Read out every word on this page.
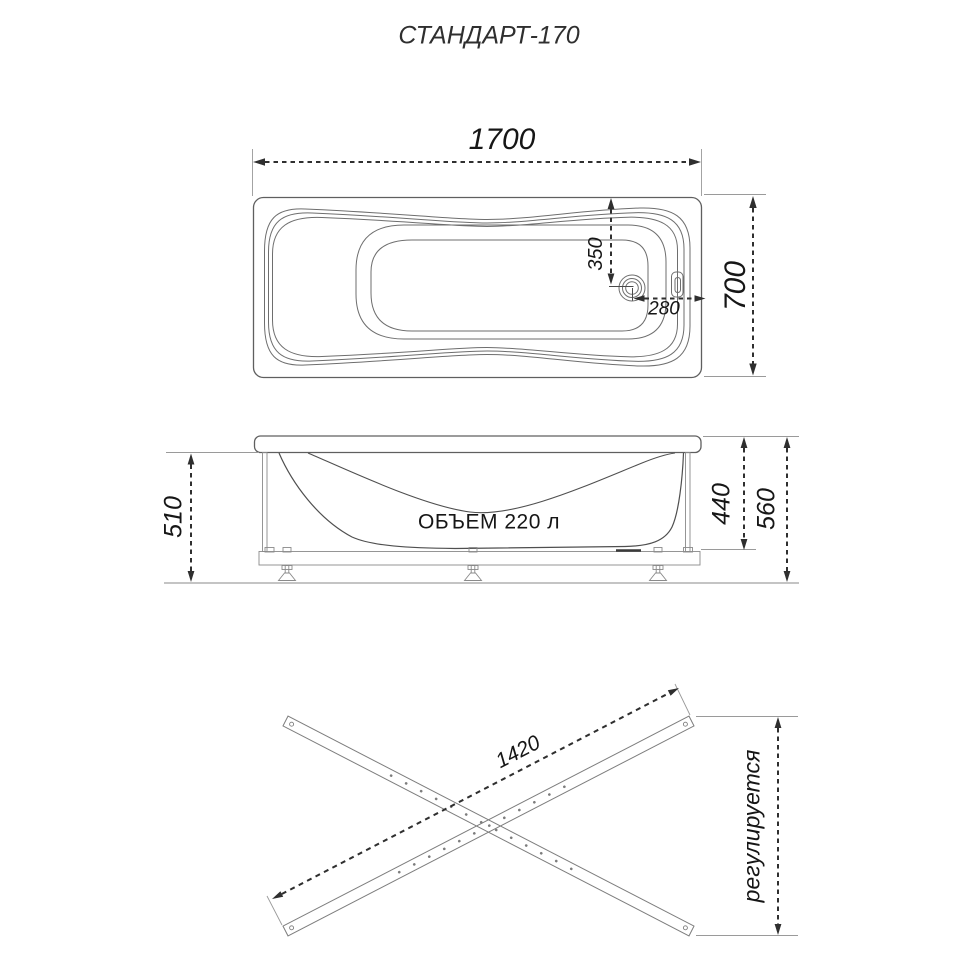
СТАНДАРТ-170
1700
700
350
280
510	440 560
ОБЪЕМ 220 л
1420	регулируется
